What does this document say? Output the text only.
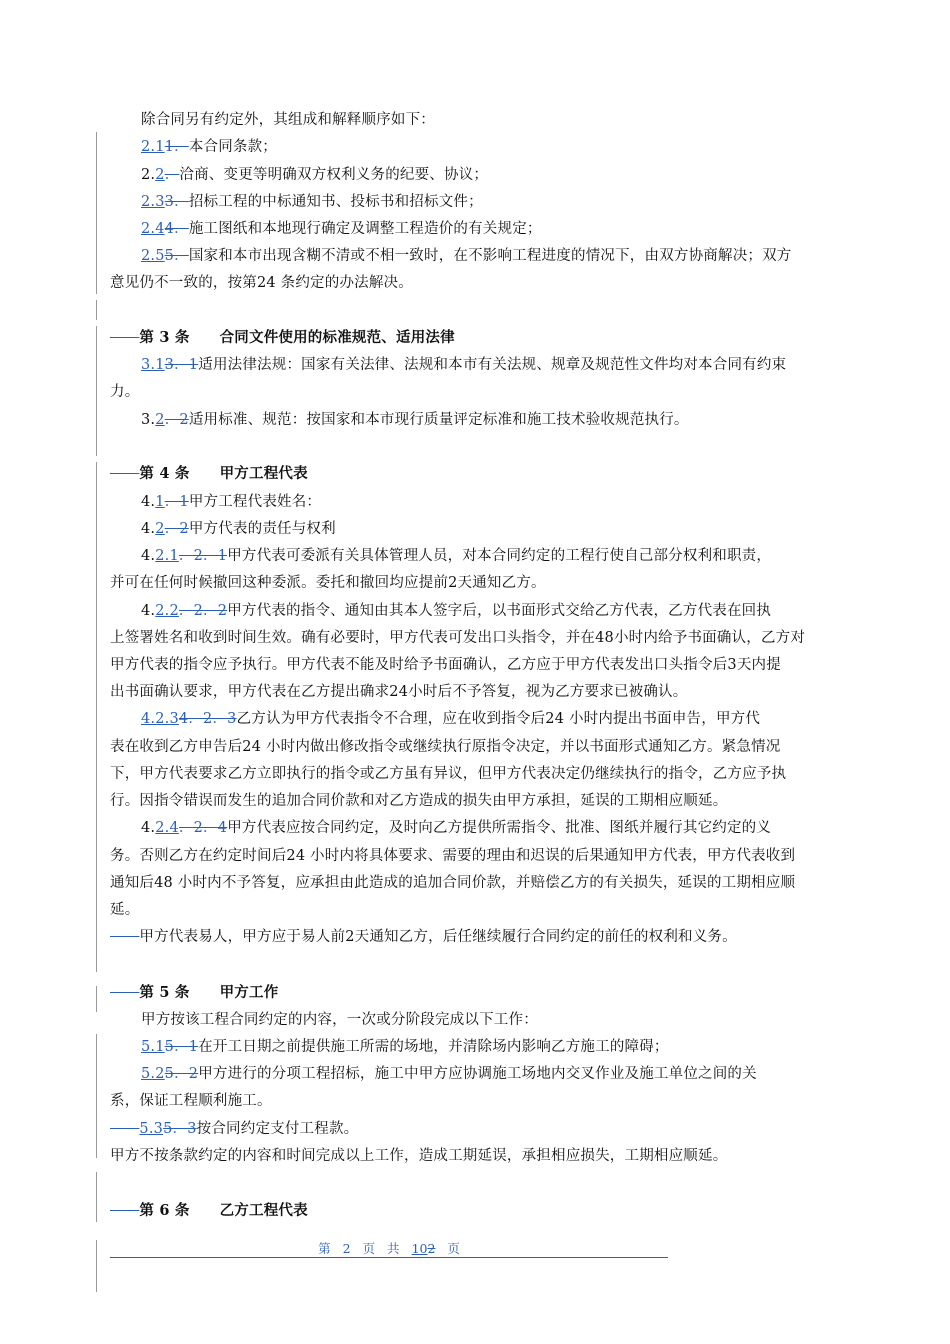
除合同另有约定外，其组成和解释顺序如下：
2.11．本合同条款；
2.2．洽商、变更等明确双方权利义务的纪要、协议；
2.33．招标工程的中标通知书、投标书和招标文件；
2.44．施工图纸和本地现行确定及调整工程造价的有关规定；
2.55．国家和本市出现含糊不清或不相一致时，在不影响工程进度的情况下，由双方协商解决；双方
意见仍不一致的，按第24 条约定的办法解决。
　　第 3 条 合同文件使用的标准规范、适用法律
3.13．1适用法律法规：国家有关法律、法规和本市有关法规、规章及规范性文件均对本合同有约束
力。
3.2．2适用标准、规范：按国家和本市现行质量评定标准和施工技术验收规范执行。
　　第 4 条 甲方工程代表
4.1．1甲方工程代表姓名：
4.2．2甲方代表的责任与权利
4.2.1．2．1甲方代表可委派有关具体管理人员，对本合同约定的工程行使自己部分权利和职责，
并可在任何时候撤回这种委派。委托和撤回均应提前2天通知乙方。
4.2.2．2．2甲方代表的指令、通知由其本人签字后，以书面形式交给乙方代表，乙方代表在回执
上签署姓名和收到时间生效。确有必要时，甲方代表可发出口头指令，并在48小时内给予书面确认，乙方对
甲方代表的指令应予执行。甲方代表不能及时给予书面确认，乙方应于甲方代表发出口头指令后3天内提
出书面确认要求，甲方代表在乙方提出确求24小时后不予答复，视为乙方要求已被确认。
4.2.34．2．3乙方认为甲方代表指令不合理，应在收到指令后24 小时内提出书面申告，甲方代
表在收到乙方申告后24 小时内做出修改指令或继续执行原指令决定，并以书面形式通知乙方。紧急情况
下，甲方代表要求乙方立即执行的指令或乙方虽有异议，但甲方代表决定仍继续执行的指令，乙方应予执
行。因指令错误而发生的追加合同价款和对乙方造成的损失由甲方承担，延误的工期相应顺延。
4.2.4．2．4甲方代表应按合同约定，及时向乙方提供所需指令、批准、图纸并履行其它约定的义
务。否则乙方在约定时间后24 小时内将具体要求、需要的理由和迟误的后果通知甲方代表，甲方代表收到
通知后48 小时内不予答复，应承担由此造成的追加合同价款，并赔偿乙方的有关损失，延误的工期相应顺
延。
　　甲方代表易人，甲方应于易人前2天通知乙方，后任继续履行合同约定的前任的权利和义务。
　　第 5 条 甲方工作
甲方按该工程合同约定的内容，一次或分阶段完成以下工作：
5.15．1在开工日期之前提供施工所需的场地，并清除场内影响乙方施工的障碍；
5.25．2甲方进行的分项工程招标，施工中甲方应协调施工场地内交叉作业及施工单位之间的关
系，保证工程顺利施工。
　　5.35．3按合同约定支付工程款。
甲方不按条款约定的内容和时间完成以上工作，造成工期延误，承担相应损失，工期相应顺延。
　　第 6 条 乙方工程代表
第 2 页 共 102 页
